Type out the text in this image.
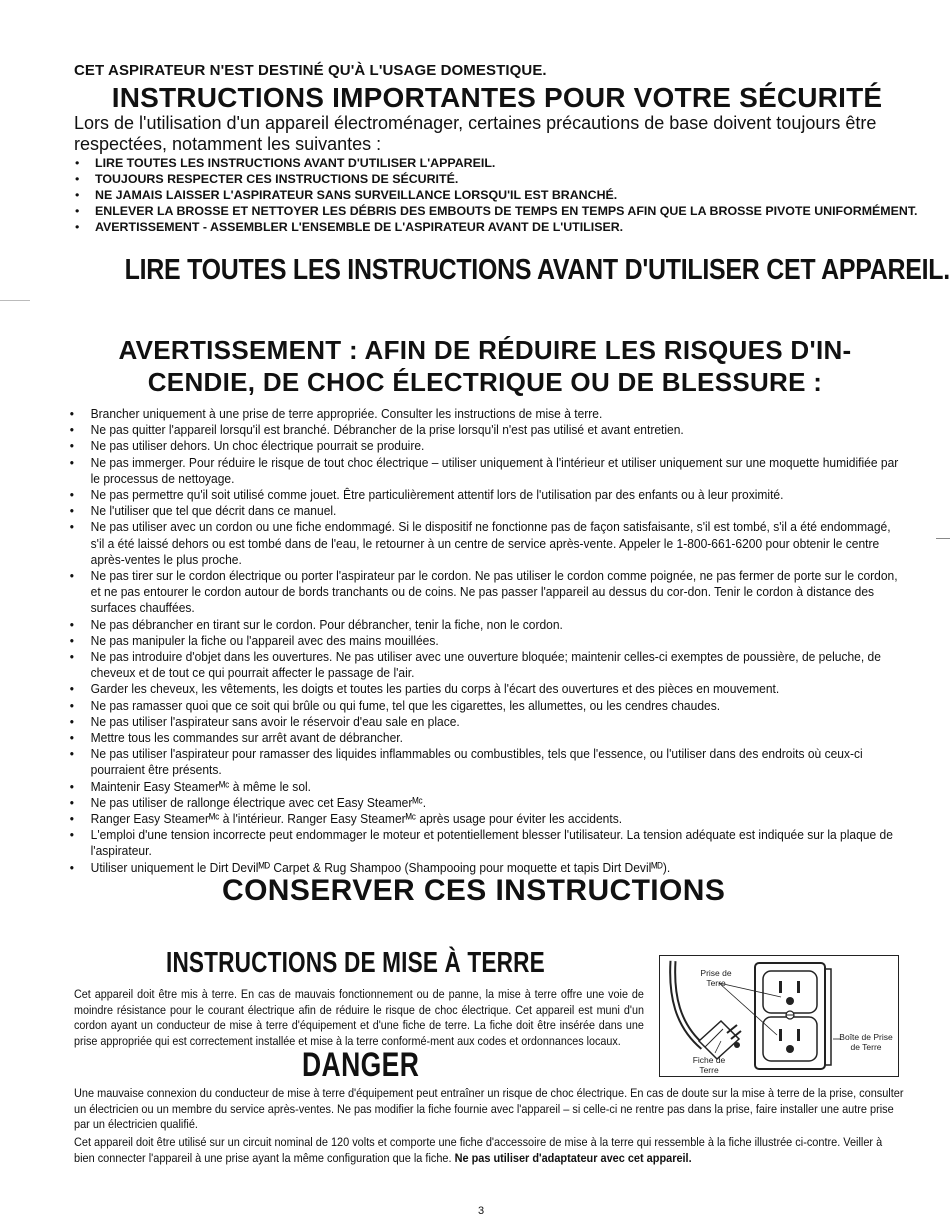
CET ASPIRATEUR N'EST DESTINÉ QU'À L'USAGE DOMESTIQUE.
INSTRUCTIONS IMPORTANTES POUR VOTRE SÉCURITÉ
Lors de l'utilisation d'un appareil électroménager, certaines précautions de base doivent toujours être respectées, notamment les suivantes :
• LIRE TOUTES LES INSTRUCTIONS AVANT D'UTILISER L'APPAREIL.
• TOUJOURS RESPECTER CES INSTRUCTIONS DE SÉCURITÉ.
• NE JAMAIS LAISSER L'ASPIRATEUR SANS SURVEILLANCE LORSQU'IL EST BRANCHÉ.
• ENLEVER LA BROSSE ET NETTOYER LES DÉBRIS DES EMBOUTS DE TEMPS EN TEMPS AFIN QUE LA BROSSE PIVOTE UNIFORMÉMENT.
• AVERTISSEMENT - ASSEMBLER L'ENSEMBLE DE L'ASPIRATEUR AVANT DE L'UTILISER.
LIRE TOUTES LES INSTRUCTIONS AVANT D'UTILISER CET APPAREIL.
AVERTISSEMENT : AFIN DE RÉDUIRE LES RISQUES D'IN-CENDIE, DE CHOC ÉLECTRIQUE OU DE BLESSURE :
• Brancher uniquement à une prise de terre appropriée. Consulter les instructions de mise à terre.
• Ne pas quitter l'appareil lorsqu'il est branché. Débrancher de la prise lorsqu'il n'est pas utilisé et avant entretien.
• Ne pas utiliser dehors. Un choc électrique pourrait se produire.
• Ne pas immerger. Pour réduire le risque de tout choc électrique – utiliser uniquement à l'intérieur et utiliser uniquement sur une moquette humidifiée par le processus de nettoyage.
• Ne pas permettre qu'il soit utilisé comme jouet. Être particulièrement attentif lors de l'utilisation par des enfants ou à leur proximité.
• Ne l'utiliser que tel que décrit dans ce manuel.
• Ne pas utiliser avec un cordon ou une fiche endommagé. Si le dispositif ne fonctionne pas de façon satisfaisante, s'il est tombé, s'il a été endommagé, s'il a été laissé dehors ou est tombé dans de l'eau, le retourner à un centre de service après-vente. Appeler le 1-800-661-6200 pour obtenir le centre après-ventes le plus proche.
• Ne pas tirer sur le cordon électrique ou porter l'aspirateur par le cordon. Ne pas utiliser le cordon comme poignée, ne pas fermer de porte sur le cordon, et ne pas entourer le cordon autour de bords tranchants ou de coins. Ne pas passer l'appareil au dessus du cor-don. Tenir le cordon à distance des surfaces chauffées.
• Ne pas débrancher en tirant sur le cordon. Pour débrancher, tenir la fiche, non le cordon.
• Ne pas manipuler la fiche ou l'appareil avec des mains mouillées.
• Ne pas introduire d'objet dans les ouvertures. Ne pas utiliser avec une ouverture bloquée; maintenir celles-ci exemptes de poussière, de peluche, de cheveux et de tout ce qui pourrait affecter le passage de l'air.
• Garder les cheveux, les vêtements, les doigts et toutes les parties du corps à l'écart des ouvertures et des pièces en mouvement.
• Ne pas ramasser quoi que ce soit qui brûle ou qui fume, tel que les cigarettes, les allumettes, ou les cendres chaudes.
• Ne pas utiliser l'aspirateur sans avoir le réservoir d'eau sale en place.
• Mettre tous les commandes sur arrêt avant de débrancher.
• Ne pas utiliser l'aspirateur pour ramasser des liquides inflammables ou combustibles, tels que l'essence, ou l'utiliser dans des endroits où ceux-ci pourraient être présents.
• Maintenir Easy Steamerᴹᶜ à même le sol.
• Ne pas utiliser de rallonge électrique avec cet Easy Steamerᴹᶜ.
• Ranger Easy Steamerᴹᶜ à l'intérieur. Ranger Easy Steamerᴹᶜ après usage pour éviter les accidents.
• L'emploi d'une tension incorrecte peut endommager le moteur et potentiellement blesser l'utilisateur. La tension adéquate est indiquée sur la plaque de l'aspirateur.
• Utiliser uniquement le Dirt Devilᴹᴰ Carpet & Rug Shampoo (Shampooing pour moquette et tapis Dirt Devilᴹᴰ).
CONSERVER CES INSTRUCTIONS
INSTRUCTIONS DE MISE À TERRE

Cet appareil doit être mis à terre. En cas de mauvais fonctionnement ou de panne, la mise à terre offre une voie de moindre résistance pour le courant électrique afin de réduire le risque de choc électrique. Cet appareil est muni d'un cordon ayant un conducteur de mise à terre d'équipement et d'une fiche de terre. La fiche doit être insérée dans une prise appropriée qui est correctement installée et mise à la terre conformé-ment aux codes et ordonnances locaux.

DANGER
Prise de Terre
Fiche de Terre
Boîte de Prise de Terre

Une mauvaise connexion du conducteur de mise à terre d'équipement peut entraîner un risque de choc électrique. En cas de doute sur la mise à terre de la prise, consulter un électricien ou un membre du service après-ventes. Ne pas modifier la fiche fournie avec l'appareil – si celle-ci ne rentre pas dans la prise, faire installer une autre prise par un électricien qualifié.

Cet appareil doit être utilisé sur un circuit nominal de 120 volts et comporte une fiche d'accessoire de mise à la terre qui ressemble à la fiche illustrée ci-contre. Veiller à bien connecter l'appareil à une prise ayant la même configuration que la fiche. Ne pas utiliser d'adaptateur avec cet appareil.

3
